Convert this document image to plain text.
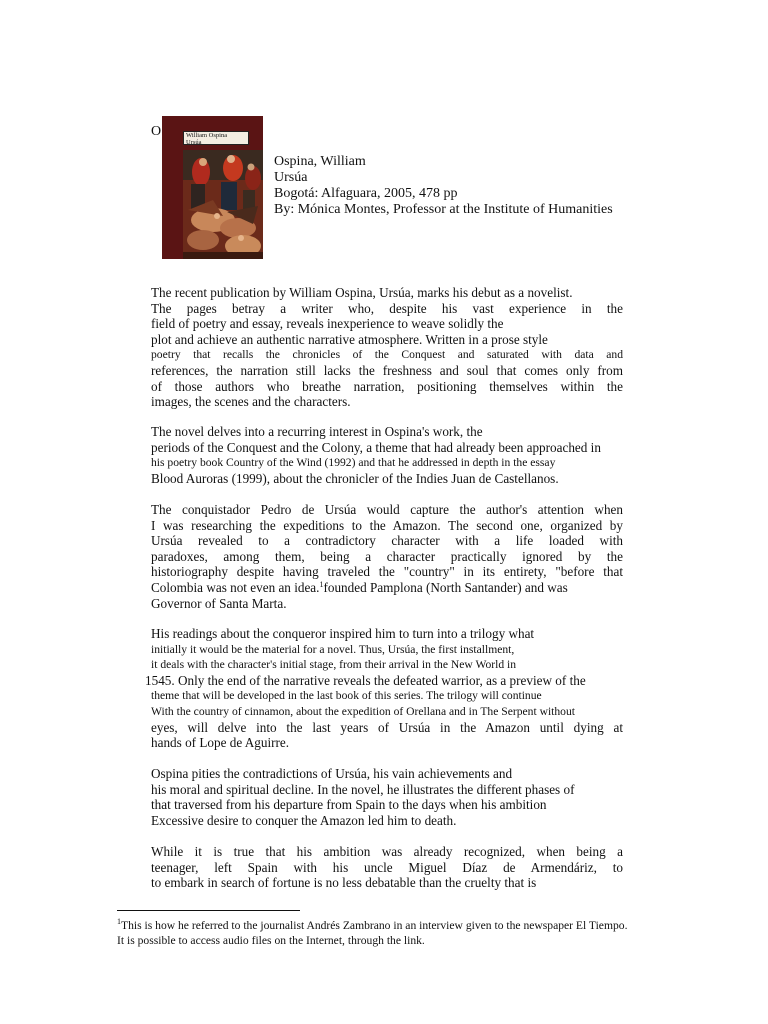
O	William Ospina
Ursúa
Ospina, William
Ursúa
Bogotá: Alfaguara, 2005, 478 pp
By: Mónica Montes, Professor at the Institute of Humanities
The recent publication by William Ospina, Ursúa, marks his debut as a novelist.
The pages betray a writer who, despite his vast experience in the
field of poetry and essay, reveals inexperience to weave solidly the
plot and achieve an authentic narrative atmosphere. Written in a prose style
poetry that recalls the chronicles of the Conquest and saturated with data and
references, the narration still lacks the freshness and soul that comes only from
of those authors who breathe narration, positioning themselves within the
images, the scenes and the characters.
The novel delves into a recurring interest in Ospina's work, the
periods of the Conquest and the Colony, a theme that had already been approached in
his poetry book Country of the Wind (1992) and that he addressed in depth in the essay
Blood Auroras (1999), about the chronicler of the Indies Juan de Castellanos.
The conquistador Pedro de Ursúa would capture the author's attention when
I was researching the expeditions to the Amazon. The second one, organized by
Ursúa revealed to a contradictory character with a life loaded with
paradoxes, among them, being a character practically ignored by the
historiography despite having traveled the "country" in its entirety, "before that
Colombia was not even an idea.$^1$founded Pamplona (North Santander) and was
Governor of Santa Marta.
His readings about the conqueror inspired him to turn into a trilogy what
initially it would be the material for a novel. Thus, Ursúa, the first installment,
it deals with the character's initial stage, from their arrival in the New World in
1545. Only the end of the narrative reveals the defeated warrior, as a preview of the
theme that will be developed in the last book of this series. The trilogy will continue
With the country of cinnamon, about the expedition of Orellana and in The Serpent without
eyes, will delve into the last years of Ursúa in the Amazon until dying at
hands of Lope de Aguirre.
Ospina pities the contradictions of Ursúa, his vain achievements and
his moral and spiritual decline. In the novel, he illustrates the different phases of
that traversed from his departure from Spain to the days when his ambition
Excessive desire to conquer the Amazon led him to death.
While it is true that his ambition was already recognized, when being a
teenager, left Spain with his uncle Miguel Díaz de Armendáriz, to
to embark in search of fortune is no less debatable than the cruelty that is
$^1$This is how he referred to the journalist Andrés Zambrano in an interview given to the newspaper El Tiempo.
It is possible to access audio files on the Internet, through the link.
